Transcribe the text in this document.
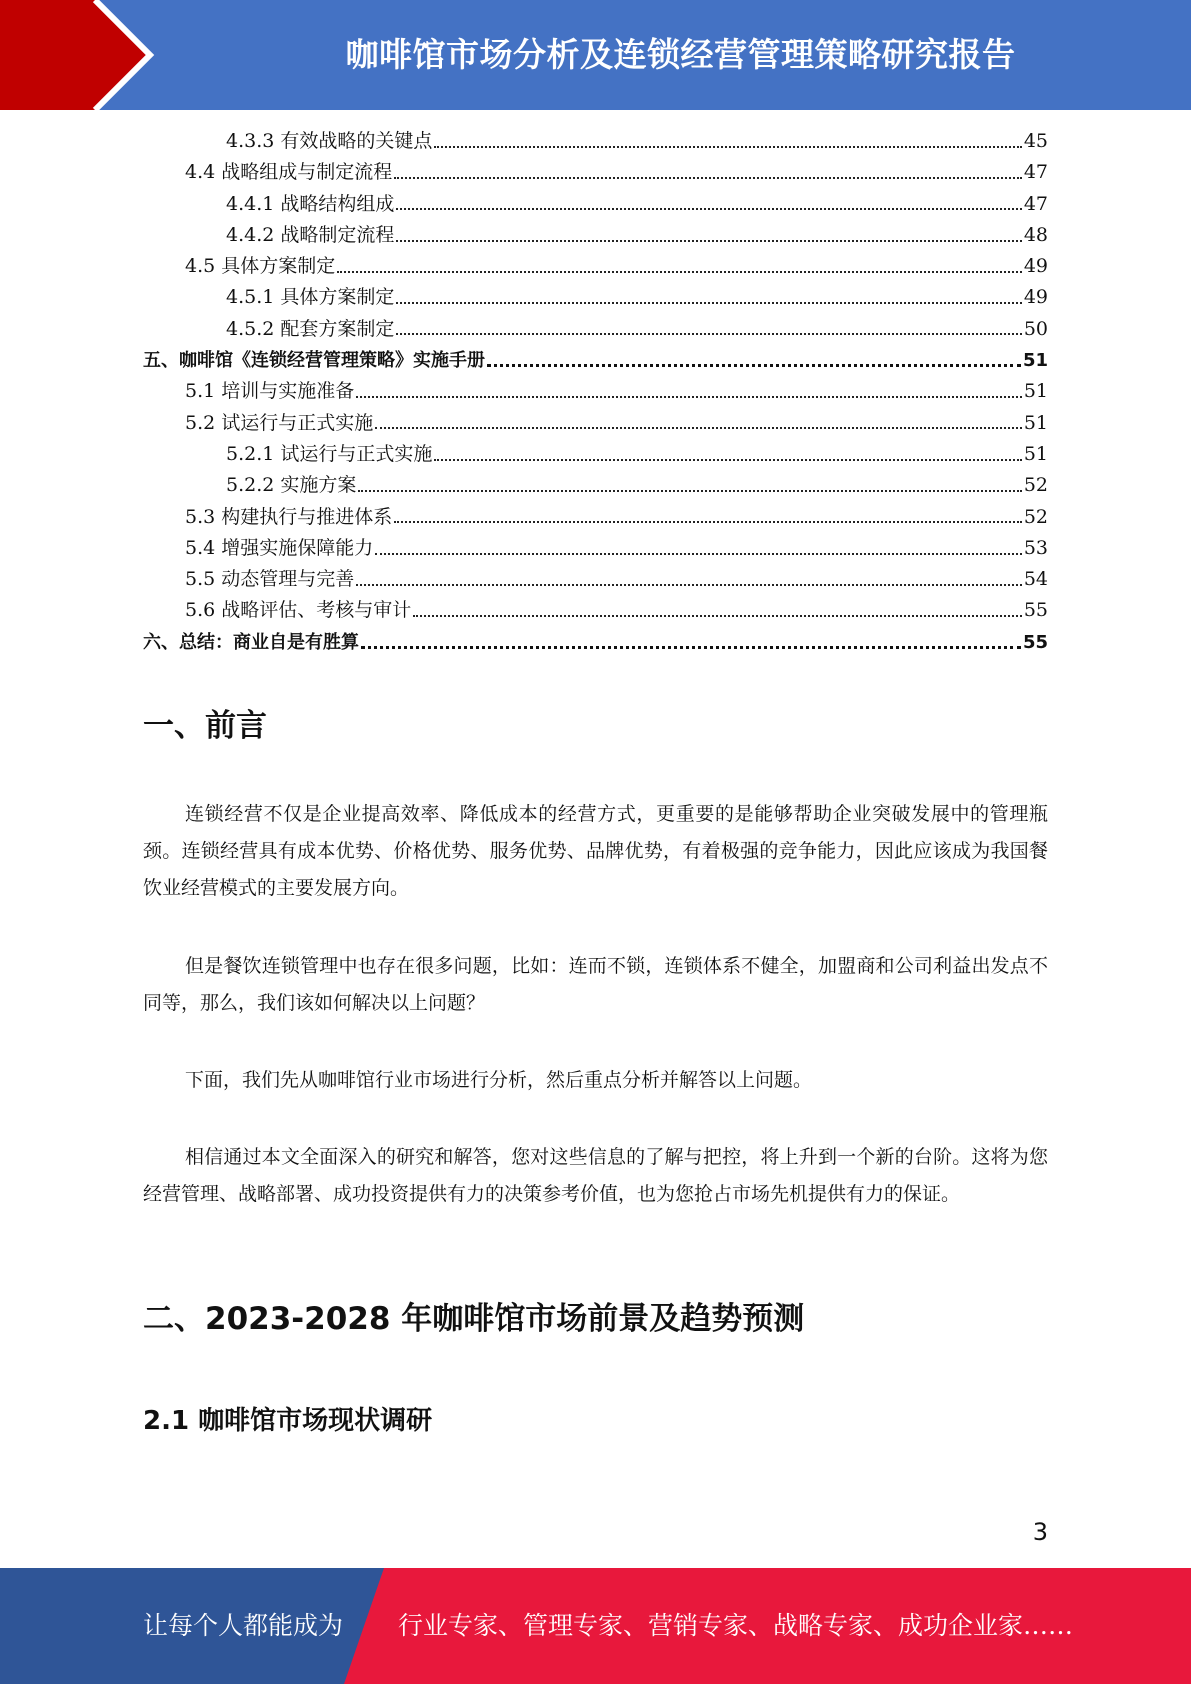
咖啡馆市场分析及连锁经营管理策略研究报告
4.3.3 有效战略的关键点	45
4.4 战略组成与制定流程	47
4.4.1 战略结构组成	47
4.4.2 战略制定流程	48
4.5 具体方案制定	49
4.5.1 具体方案制定	49
4.5.2 配套方案制定	50
五、咖啡馆《连锁经营管理策略》实施手册	51
5.1 培训与实施准备	51
5.2 试运行与正式实施	51
5.2.1 试运行与正式实施	51
5.2.2 实施方案	52
5.3 构建执行与推进体系	52
5.4 增强实施保障能力	53
5.5 动态管理与完善	54
5.6 战略评估、考核与审计	55
六、总结：商业自是有胜算	55
一、前言

连锁经营不仅是企业提高效率、降低成本的经营方式，更重要的是能够帮助企业突破发展中的管理瓶颈。连锁经营具有成本优势、价格优势、服务优势、品牌优势，有着极强的竞争能力，因此应该成为我国餐饮业经营模式的主要发展方向。

但是餐饮连锁管理中也存在很多问题，比如：连而不锁，连锁体系不健全，加盟商和公司利益出发点不同等，那么，我们该如何解决以上问题？

下面，我们先从咖啡馆行业市场进行分析，然后重点分析并解答以上问题。

相信通过本文全面深入的研究和解答，您对这些信息的了解与把控，将上升到一个新的台阶。这将为您经营管理、战略部署、成功投资提供有力的决策参考价值，也为您抢占市场先机提供有力的保证。

二、2023-2028 年咖啡馆市场前景及趋势预测
2.1 咖啡馆市场现状调研
3
让每个人都能成为 行业专家、管理专家、营销专家、战略专家、成功企业家……
